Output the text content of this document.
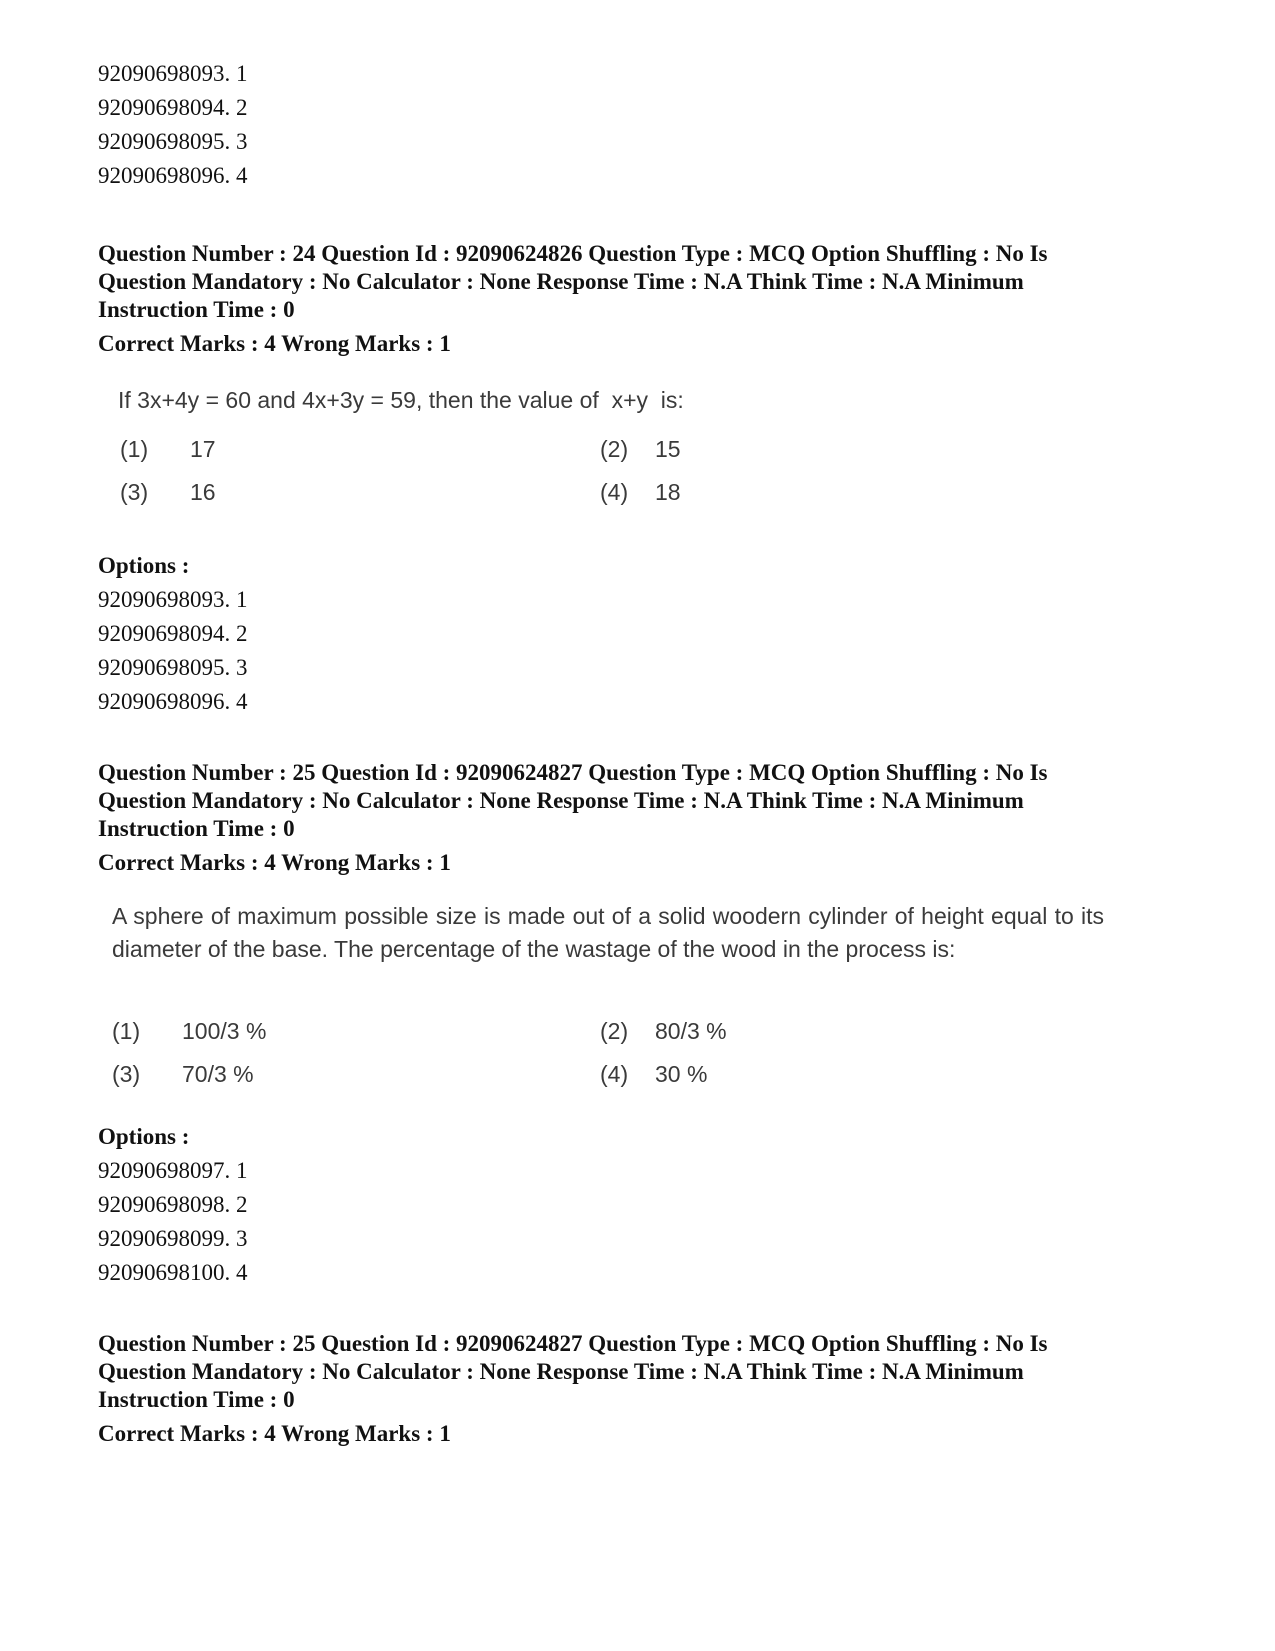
92090698093. 1
92090698094. 2
92090698095. 3
92090698096. 4
Question Number : 24 Question Id : 92090624826 Question Type : MCQ Option Shuffling : No Is
Question Mandatory : No Calculator : None Response Time : N.A Think Time : N.A Minimum
Instruction Time : 0
Correct Marks : 4 Wrong Marks : 1
If 3x+4y = 60 and 4x+3y = 59, then the value of  x+y  is:
(1) 17	(2) 15
(3) 16	(4) 18
Options :
92090698093. 1
92090698094. 2
92090698095. 3
92090698096. 4
Question Number : 25 Question Id : 92090624827 Question Type : MCQ Option Shuffling : No Is
Question Mandatory : No Calculator : None Response Time : N.A Think Time : N.A Minimum
Instruction Time : 0
Correct Marks : 4 Wrong Marks : 1
A sphere of maximum possible size is made out of a solid woodern cylinder of height equal to its diameter of the base. The percentage of the wastage of the wood in the process is:
(1) 100/3 %	(2) 80/3 %
(3) 70/3 %	(4) 30 %
Options :
92090698097. 1
92090698098. 2
92090698099. 3
92090698100. 4
Question Number : 25 Question Id : 92090624827 Question Type : MCQ Option Shuffling : No Is
Question Mandatory : No Calculator : None Response Time : N.A Think Time : N.A Minimum
Instruction Time : 0
Correct Marks : 4 Wrong Marks : 1
